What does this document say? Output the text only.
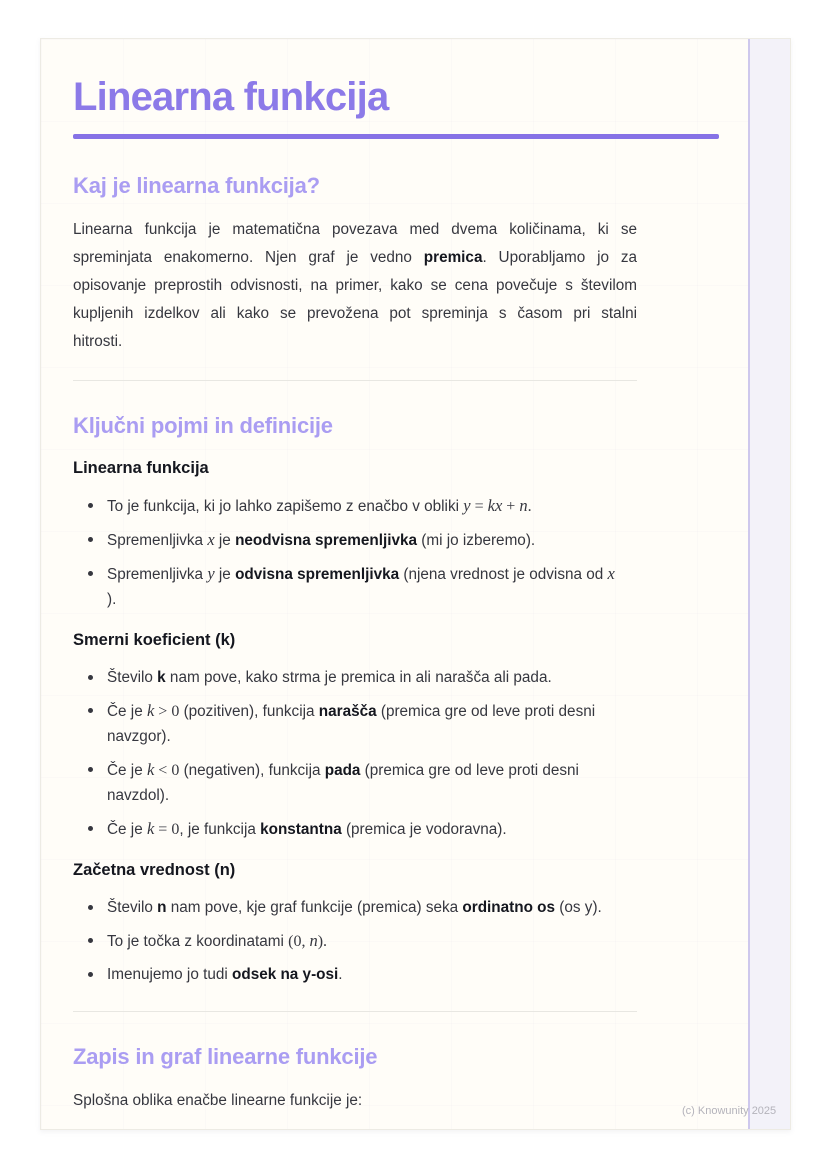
Linearna funkcija
Kaj je linearna funkcija?

Linearna funkcija je matematična povezava med dvema količinama, ki se spreminjata enakomerno. Njen graf je vedno premica. Uporabljamo jo za opisovanje preprostih odvisnosti, na primer, kako se cena povečuje s številom kupljenih izdelkov ali kako se prevožena pot spreminja s časom pri stalni hitrosti.

Ključni pojmi in definicije
Linearna funkcija
To je funkcija, ki jo lahko zapišemo z enačbo v obliki y = kx + n.
Spremenljivka x je neodvisna spremenljivka (mi jo izberemo).
Spremenljivka y je odvisna spremenljivka (njena vrednost je odvisna od x
).
Smerni koeficient (k)
Število k nam pove, kako strma je premica in ali narašča ali pada.
Če je k > 0 (pozitiven), funkcija narašča (premica gre od leve proti desni
navzgor).
Če je k < 0 (negativen), funkcija pada (premica gre od leve proti desni
navzdol).
Če je k = 0, je funkcija konstantna (premica je vodoravna).
Začetna vrednost (n)
Število n nam pove, kje graf funkcije (premica) seka ordinatno os (os y).
To je točka z koordinatami (0, n).
Imenujemo jo tudi odsek na y-osi.
Zapis in graf linearne funkcije

Splošna oblika enačbe linearne funkcije je:

(c) Knowunity 2025
